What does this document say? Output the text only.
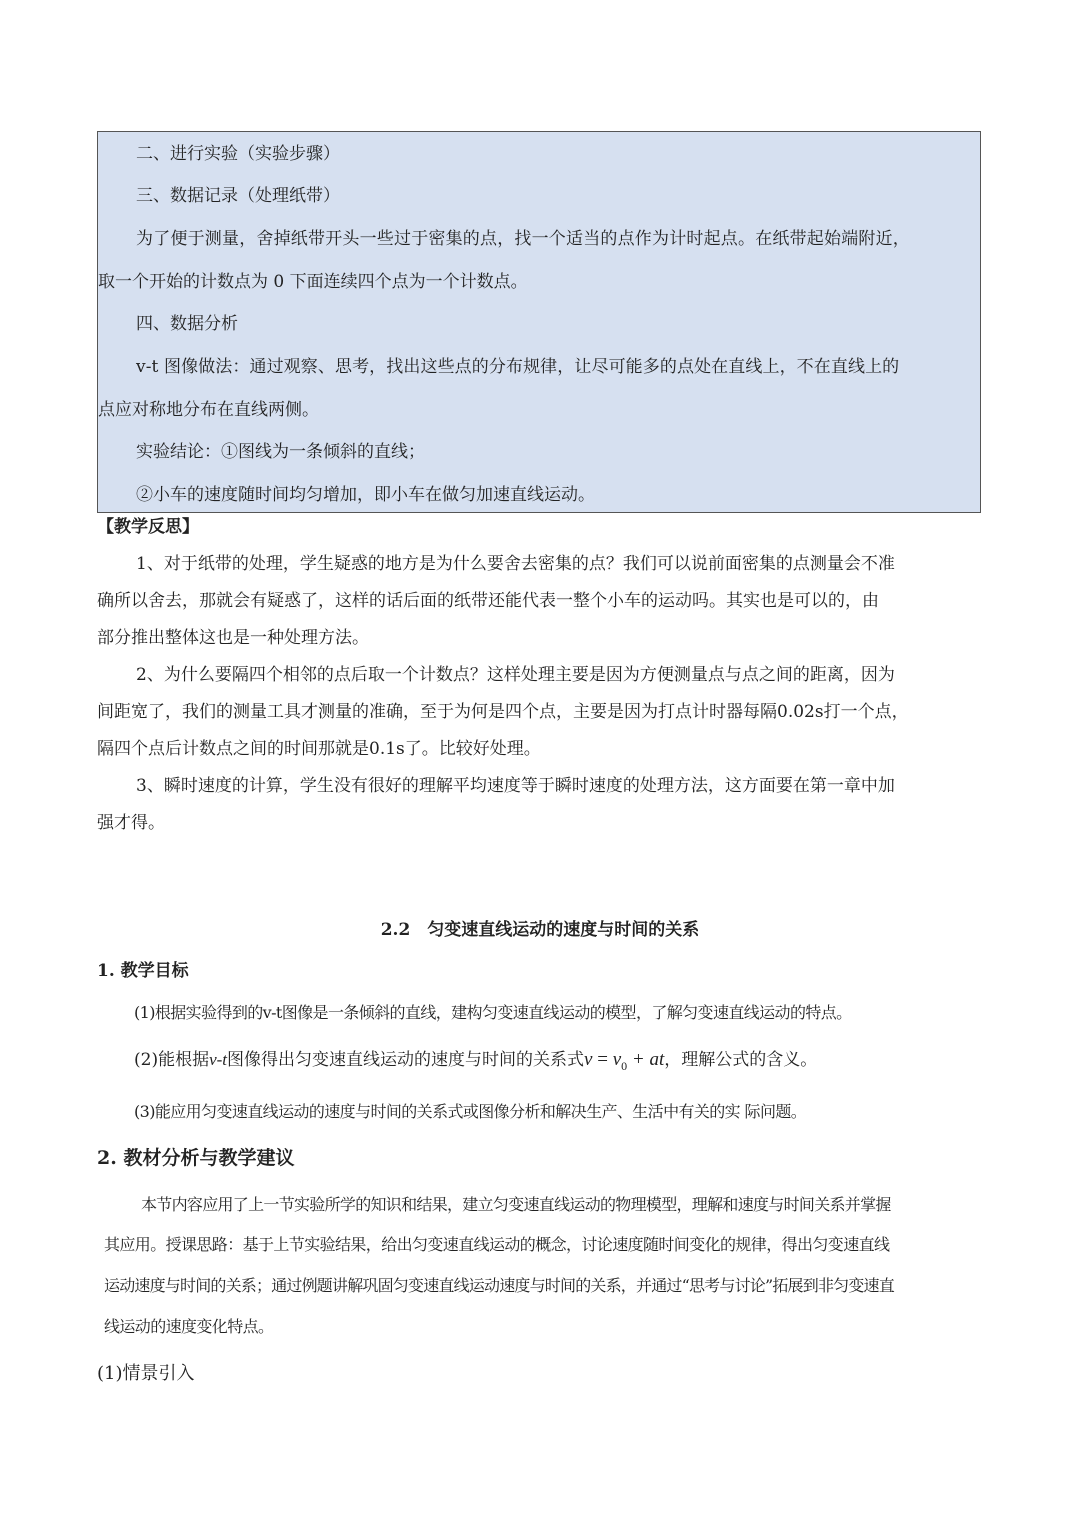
二、进行实验（实验步骤）

三、数据记录（处理纸带）

为了便于测量，舍掉纸带开头一些过于密集的点，找一个适当的点作为计时起点。在纸带起始端附近，

取一个开始的计数点为 0 下面连续四个点为一个计数点。

四、数据分析

v-t 图像做法：通过观察、思考，找出这些点的分布规律，让尽可能多的点处在直线上，不在直线上的

点应对称地分布在直线两侧。

实验结论：①图线为一条倾斜的直线；

②小车的速度随时间均匀增加，即小车在做匀加速直线运动。

【教学反思】

1、对于纸带的处理，学生疑惑的地方是为什么要舍去密集的点？我们可以说前面密集的点测量会不准

确所以舍去，那就会有疑惑了，这样的话后面的纸带还能代表一整个小车的运动吗。其实也是可以的，由

部分推出整体这也是一种处理方法。

2、为什么要隔四个相邻的点后取一个计数点？这样处理主要是因为方便测量点与点之间的距离，因为

间距宽了，我们的测量工具才测量的准确，至于为何是四个点，主要是因为打点计时器每隔0.02s打一个点，

隔四个点后计数点之间的时间那就是0.1s了。比较好处理。

3、瞬时速度的计算，学生没有很好的理解平均速度等于瞬时速度的处理方法，这方面要在第一章中加

强才得。

2.2　匀变速直线运动的速度与时间的关系

1. 教学目标

(1)根据实验得到的v-t图像是一条倾斜的直线，建构匀变速直线运动的模型，了解匀变速直线运动的特点。

(2)能根据v-t图像得出匀变速直线运动的速度与时间的关系式$v = v_0$ + at，理解公式的含义。

(3)能应用匀变速直线运动的速度与时间的关系式或图像分析和解决生产、生活中有关的实 际问题。

2. 教材分析与教学建议

本节内容应用了上一节实验所学的知识和结果，建立匀变速直线运动的物理模型，理解和速度与时间关系并掌握

其应用。授课思路：基于上节实验结果，给出匀变速直线运动的概念，讨论速度随时间变化的规律，得出匀变速直线

运动速度与时间的关系；通过例题讲解巩固匀变速直线运动速度与时间的关系，并通过“思考与讨论”拓展到非匀变速直

线运动的速度变化特点。

(1)情景引入
